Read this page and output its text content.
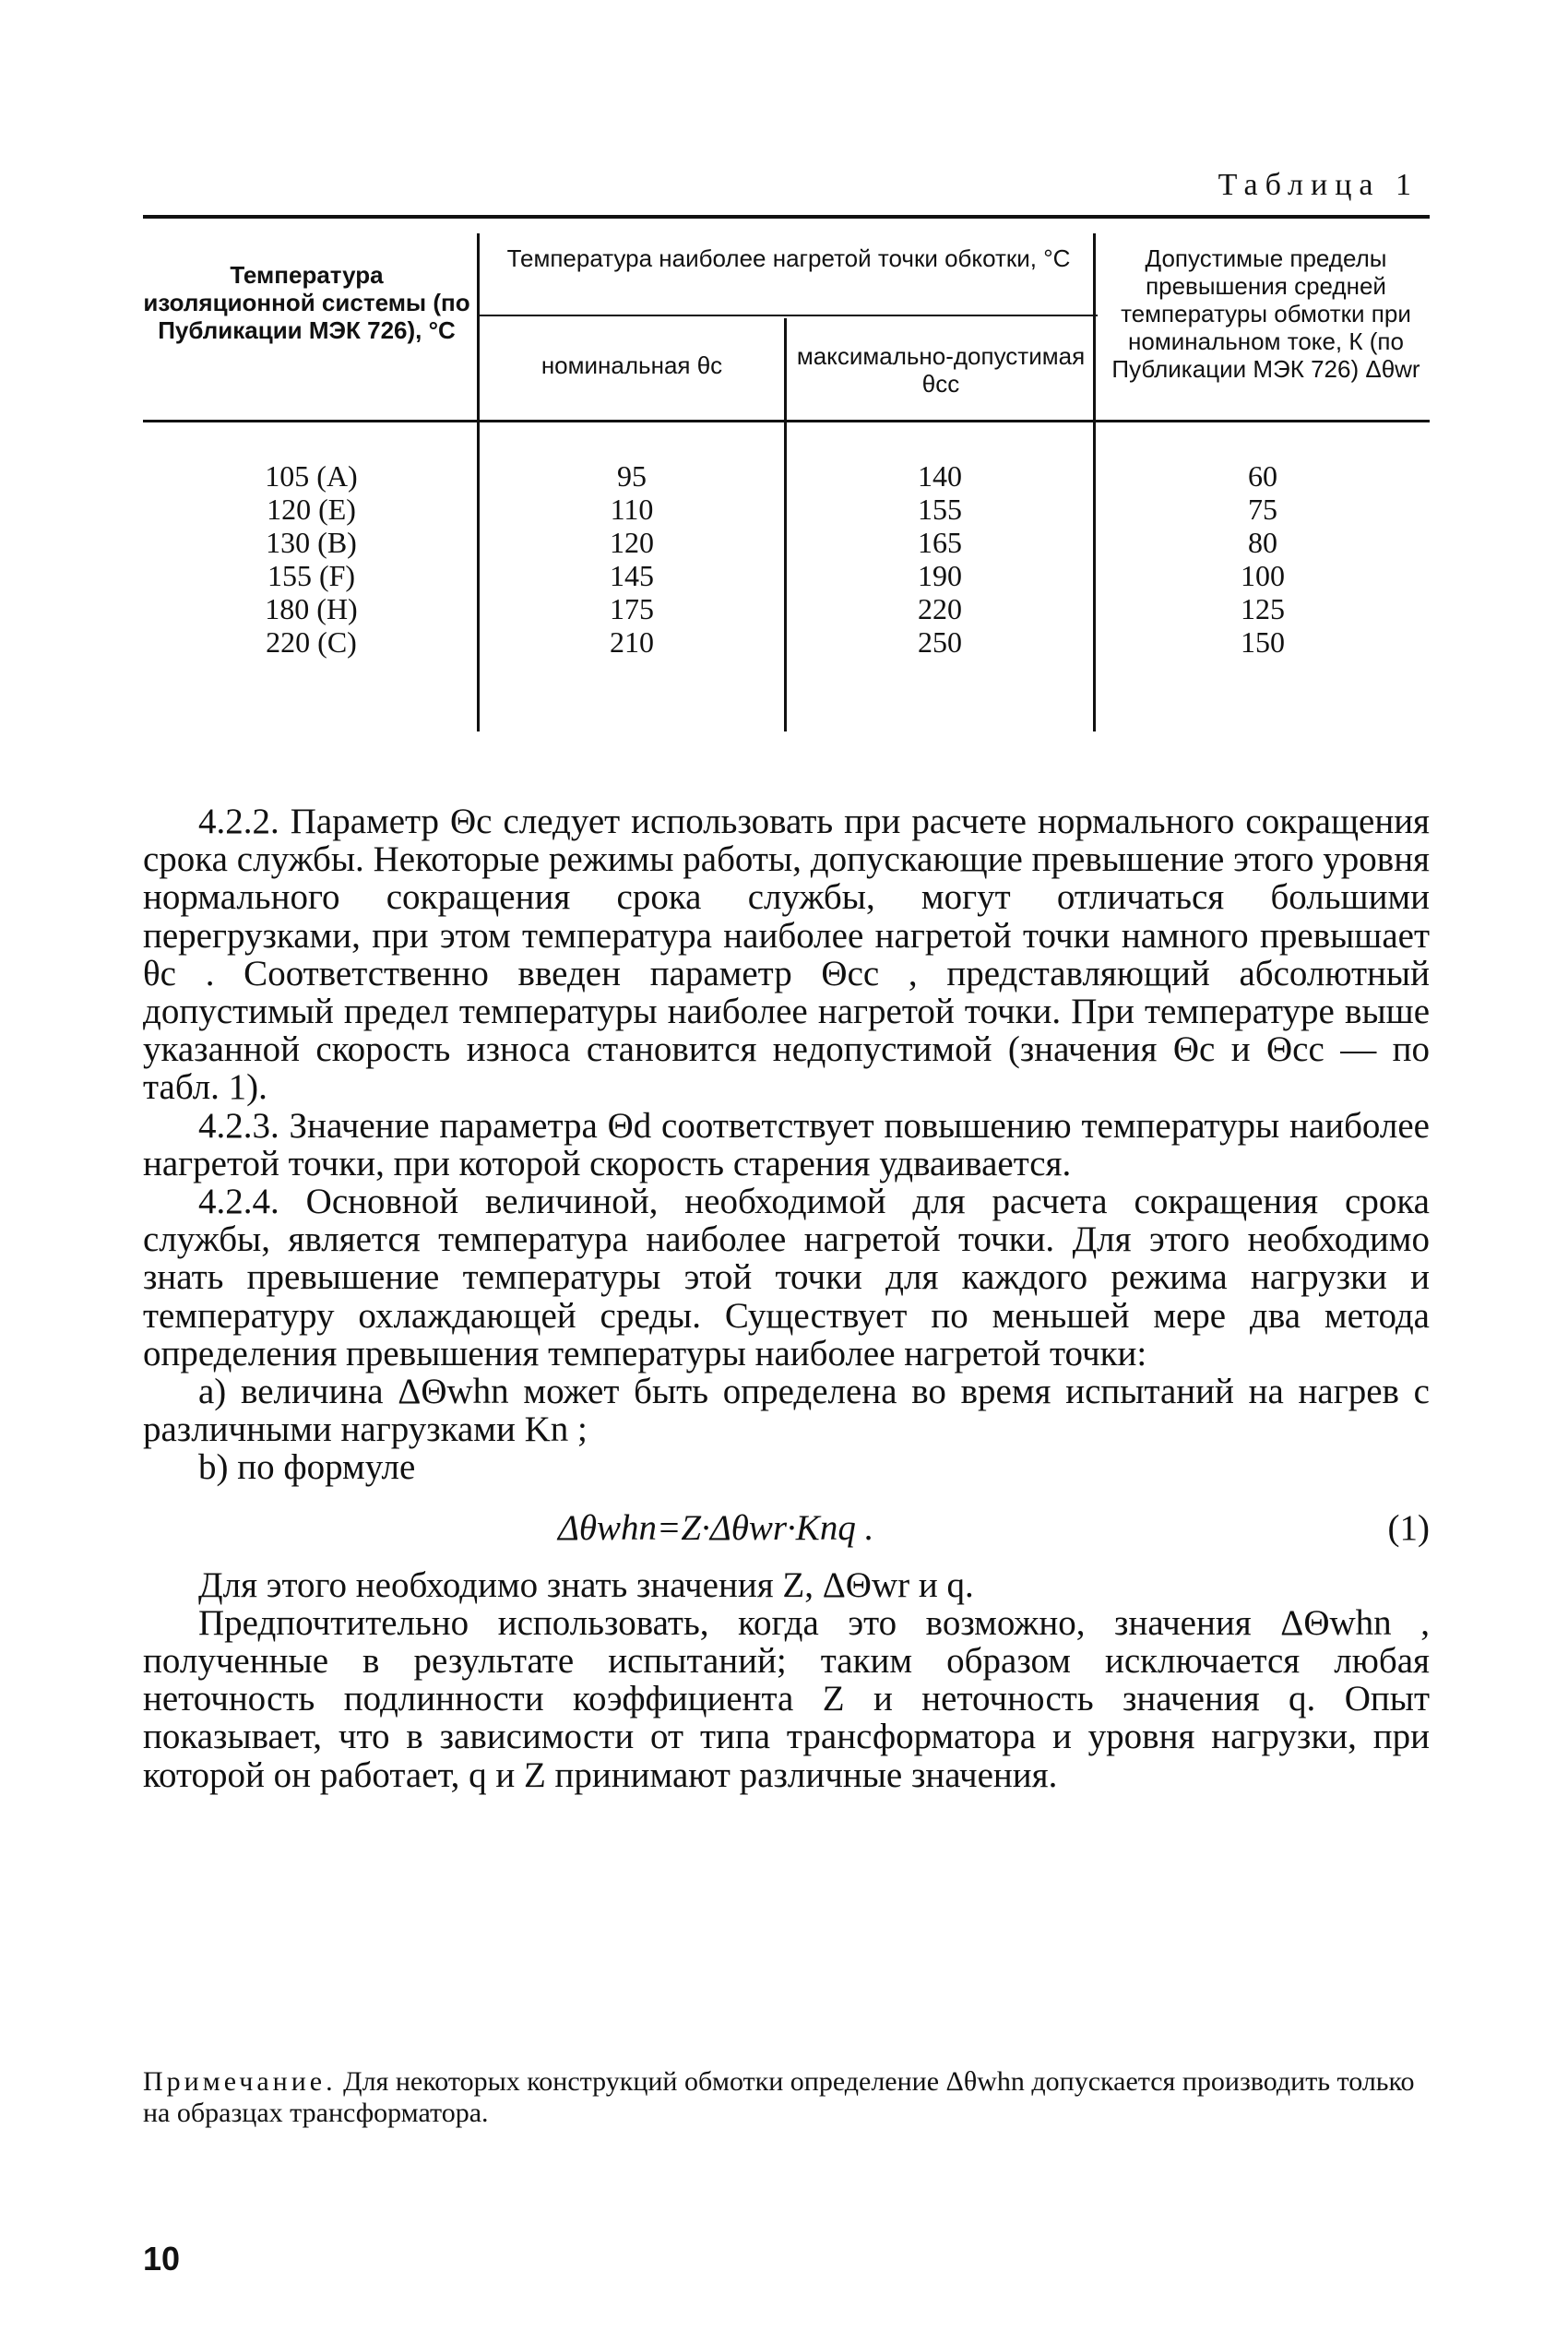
Таблица 1
Температура изоляционной системы (по Публикации МЭК 726), °С
Температура наиболее нагретой точки обкотки, °С
номинальная θc	максимально-допустимая θcc
Допустимые пределы превышения средней температуры обмотки при номинальном токе, К (по Публикации МЭК 726) Δθwr
105 (A)
120 (E)
130 (B)
155 (F)
180 (H)
220 (C)
95
110
120
145
175
210
140
155
165
190
220
250
60
75
80
100
125
150

4.2.2. Параметр Θc следует использовать при расчете нормального сокращения срока службы. Некоторые режимы работы, допускающие превышение этого уровня нормального сокращения срока службы, могут отличаться большими перегрузками, при этом температура наиболее нагретой точки намного превышает θc . Соответственно введен параметр Θcc , представляющий абсолютный допустимый предел температуры наиболее нагретой точки. При температуре выше указанной скорость износа становится недопустимой (значения Θc и Θcc — по табл. 1).

4.2.3. Значение параметра Θd соответствует повышению температуры наиболее нагретой точки, при которой скорость старения удваивается.

4.2.4. Основной величиной, необходимой для расчета сокращения срока службы, является температура наиболее нагретой точки. Для этого необходимо знать превышение температуры этой точки для каждого режима нагрузки и температуру охлаждающей среды. Существует по меньшей мере два метода определения превышения температуры наиболее нагретой точки:

a) величина ΔΘwhn может быть определена во время испытаний на нагрев с различными нагрузками Kn ;

b) по формуле

Δθwhn=Z·Δθwr·Knq .	(1)

Для этого необходимо знать значения Z, ΔΘwr и q.

Предпочтительно использовать, когда это возможно, значения ΔΘwhn , полученные в результате испытаний; таким образом исключается любая неточность подлинности коэффициента Z и неточность значения q. Опыт показывает, что в зависимости от типа трансформатора и уровня нагрузки, при которой он работает, q и Z принимают различные значения.

Примечание. Для некоторых конструкций обмотки определение Δθwhn допускается производить только на образцах трансформатора.
10
